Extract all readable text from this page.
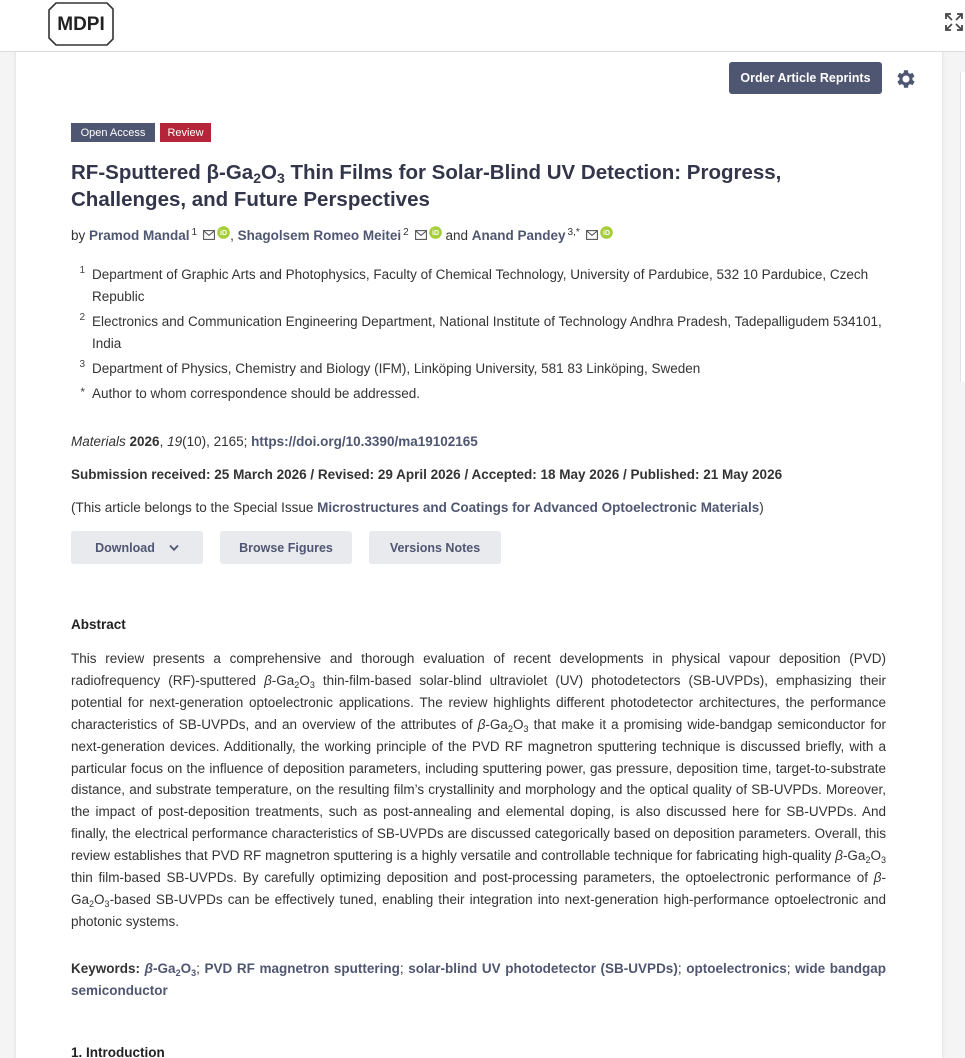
MDPI
Order Article Reprints
Open Access	Review
RF-Sputtered $\beta-Ga_2O_3$ Thin Films for Solar-Blind UV Detection: Progress, Challenges, and Future Perspectives
by Pramod Mandal $^1$	iD , Shagolsem Romeo Meitei $^2$	iD and Anand Pandey $^{3,*}$	iD
1 Department of Graphic Arts and Photophysics, Faculty of Chemical Technology, University of Pardubice, 532 10 Pardubice, Czech Republic
2 Electronics and Communication Engineering Department, National Institute of Technology Andhra Pradesh, Tadepalligudem 534101, India
3 Department of Physics, Chemistry and Biology (IFM), Linköping University, 581 83 Linköping, Sweden
* Author to whom correspondence should be addressed.
Materials 2026, 19(10), 2165; https://doi.org/10.3390/ma19102165
Submission received: 25 March 2026 / Revised: 29 April 2026 / Accepted: 18 May 2026 / Published: 21 May 2026
(This article belongs to the Special Issue Microstructures and Coatings for Advanced Optoelectronic Materials)
Download	Browse Figures	Versions Notes
Abstract

This review presents a comprehensive and thorough evaluation of recent developments in physical vapour deposition (PVD) radiofrequency (RF)-sputtered $\beta-Ga_2O_3$ thin-film-based solar-blind ultraviolet (UV) photodetectors (SB-UVPDs), emphasizing their potential for next-generation optoelectronic applications. The review highlights different photodetector architectures, the performance characteristics of SB-UVPDs, and an overview of the attributes of $\beta-Ga_2O_3$ that make it a promising wide-bandgap semiconductor for next-generation devices. Additionally, the working principle of the PVD RF magnetron sputtering technique is discussed briefly, with a particular focus on the influence of deposition parameters, including sputtering power, gas pressure, deposition time, target-to-substrate distance, and substrate temperature, on the resulting film’s crystallinity and morphology and the optical quality of SB-UVPDs. Moreover, the impact of post-deposition treatments, such as post-annealing and elemental doping, is also discussed here for SB-UVPDs. And finally, the electrical performance characteristics of SB-UVPDs are discussed categorically based on deposition parameters. Overall, this review establishes that PVD RF magnetron sputtering is a highly versatile and controllable technique for fabricating high-quality $\beta-Ga_2O_3$ thin film-based SB-UVPDs. By carefully optimizing deposition and post-processing parameters, the optoelectronic performance of $\beta-Ga_2O_3$-based SB-UVPDs can be effectively tuned, enabling their integration into next-generation high-performance optoelectronic and photonic systems.

Keywords: $\beta-Ga_2O_3$; PVD RF magnetron sputtering; solar-blind UV photodetector (SB-UVPDs); optoelectronics; wide bandgap semiconductor

1. Introduction
